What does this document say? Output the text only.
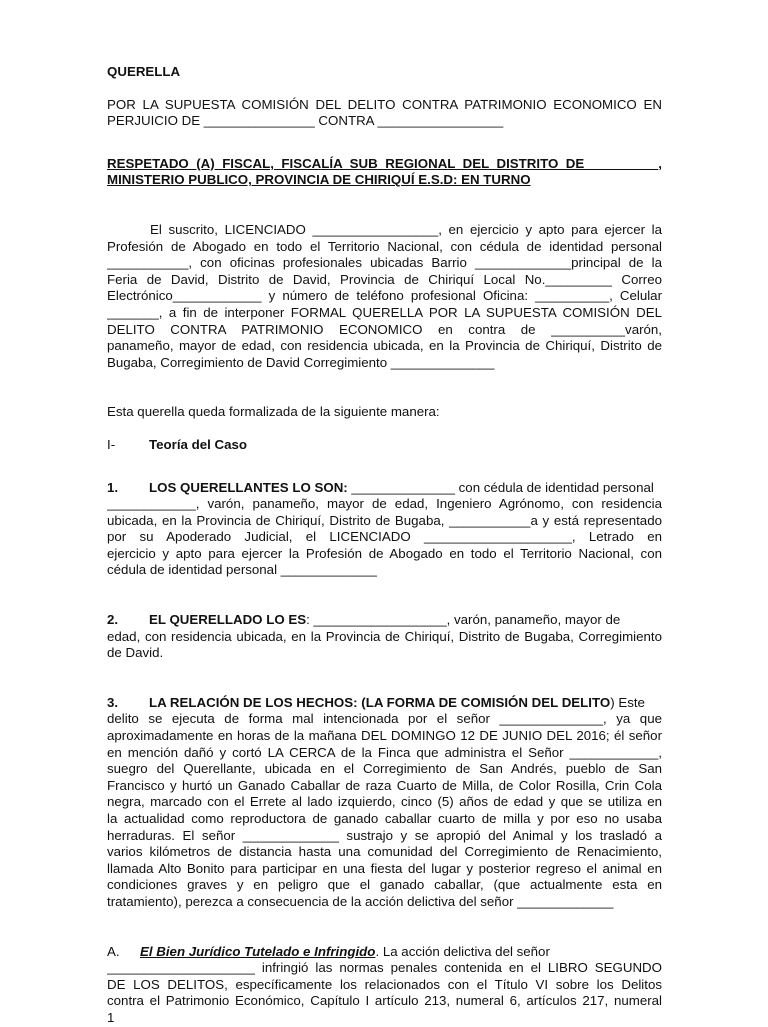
QUERELLA
POR LA SUPUESTA COMISIÓN DEL DELITO CONTRA PATRIMONIO ECONOMICO EN
PERJUICIO DE _______________ CONTRA _________________
RESPETADO (A) FISCAL, FISCALÍA SUB REGIONAL DEL DISTRITO DE _________,
MINISTERIO PUBLICO, PROVINCIA DE CHIRIQUÍ E.S.D: EN TURNO
El suscrito, LICENCIADO _________________, en ejercicio y apto para ejercer la
Profesión de Abogado en todo el Territorio Nacional, con cédula de identidad personal
___________, con oficinas profesionales ubicadas Barrio _____________principal de la
Feria de David, Distrito de David, Provincia de Chiriquí Local No._________ Correo
Electrónico____________ y número de teléfono profesional Oficina: __________, Celular
_______, a fin de interponer FORMAL QUERELLA POR LA SUPUESTA COMISIÓN DEL
DELITO CONTRA PATRIMONIO ECONOMICO en contra de __________varón,
panameño, mayor de edad, con residencia ubicada, en la Provincia de Chiriquí, Distrito de
Bugaba, Corregimiento de David Corregimiento ______________
Esta querella queda formalizada de la siguiente manera:
I-	Teoría del Caso
1. LOS QUERELLANTES LO SON: ______________ con cédula de identidad personal
____________, varón, panameño, mayor de edad, Ingeniero Agrónomo, con residencia
ubicada, en la Provincia de Chiriquí, Distrito de Bugaba, ___________a y está representado
por su Apoderado Judicial, el LICENCIADO ____________________, Letrado en
ejercicio y apto para ejercer la Profesión de Abogado en todo el Territorio Nacional, con
cédula de identidad personal _____________
2. EL QUERELLADO LO ES: __________________, varón, panameño, mayor de
edad, con residencia ubicada, en la Provincia de Chiriquí, Distrito de Bugaba, Corregimiento
de David.
3. LA RELACIÓN DE LOS HECHOS: (LA FORMA DE COMISIÓN DEL DELITO) Este
delito se ejecuta de forma mal intencionada por el señor ______________, ya que
aproximadamente en horas de la mañana DEL DOMINGO 12 DE JUNIO DEL 2016; él señor
en mención dañó y cortó LA CERCA de la Finca que administra el Señor ____________,
suegro del Querellante, ubicada en el Corregimiento de San Andrés, pueblo de San
Francisco y hurtó un Ganado Caballar de raza Cuarto de Milla, de Color Rosilla, Crin Cola
negra, marcado con el Errete al lado izquierdo, cinco (5) años de edad y que se utiliza en
la actualidad como reproductora de ganado caballar cuarto de milla y por eso no usaba
herraduras. El señor _____________ sustrajo y se apropió del Animal y los trasladó a
varios kilómetros de distancia hasta una comunidad del Corregimiento de Renacimiento,
llamada Alto Bonito para participar en una fiesta del lugar y posterior regreso el animal en
condiciones graves y en peligro que el ganado caballar, (que actualmente esta en
tratamiento), perezca a consecuencia de la acción delictiva del señor _____________
A. El Bien Jurídico Tutelado e Infringido. La acción delictiva del señor
____________________ infringió las normas penales contenida en el LIBRO SEGUNDO
DE LOS DELITOS, específicamente los relacionados con el Título VI sobre los Delitos
contra el Patrimonio Económico, Capítulo I artículo 213, numeral 6, artículos 217, numeral
1
